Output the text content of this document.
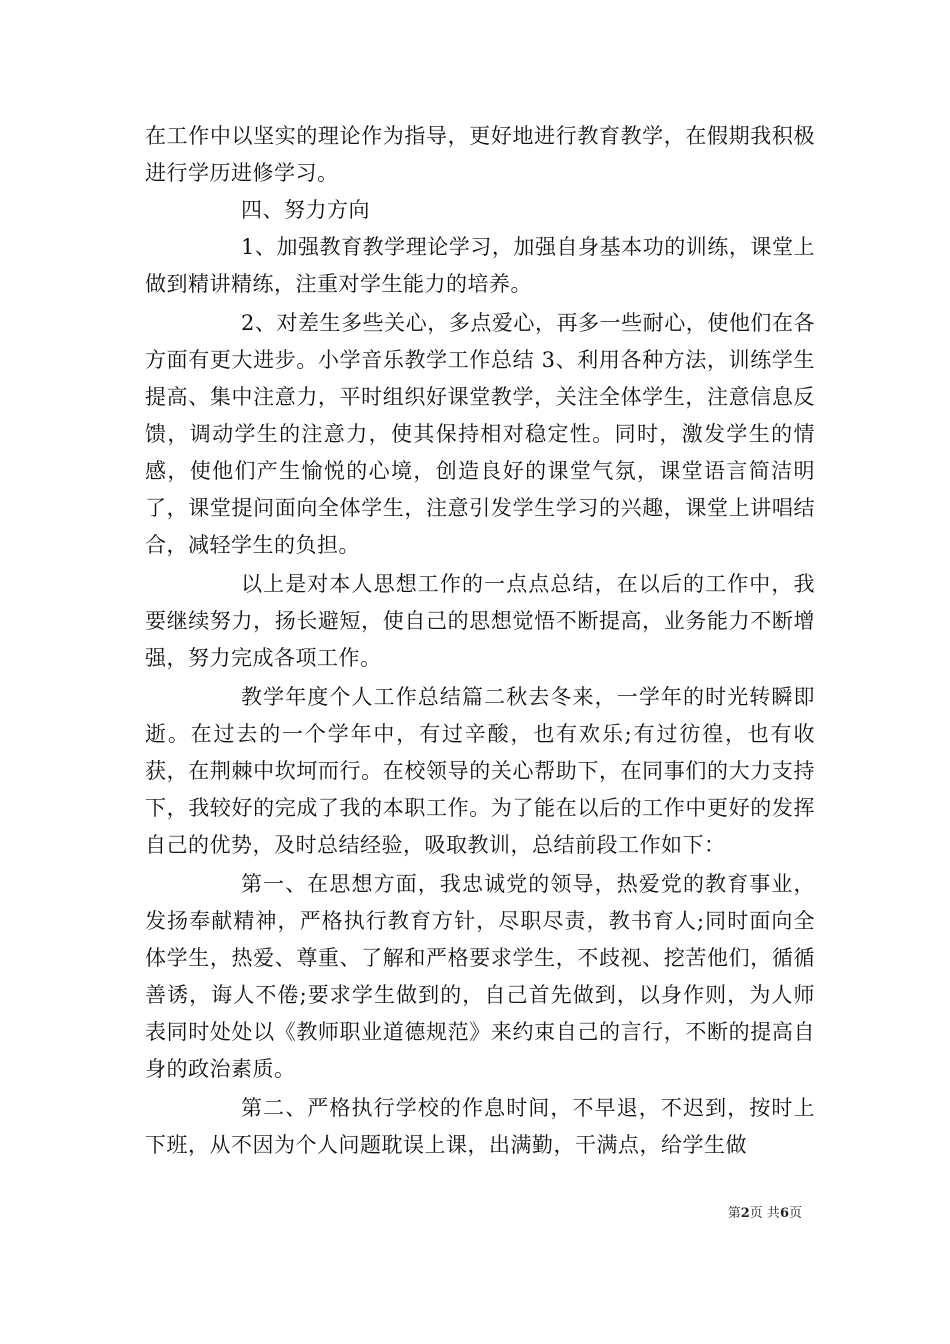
在工作中以坚实的理论作为指导，更好地进行教育教学，在假期我积极进行学历进修学习。

四、努力方向

1、加强教育教学理论学习，加强自身基本功的训练，课堂上做到精讲精练，注重对学生能力的培养。

2、对差生多些关心，多点爱心，再多一些耐心，使他们在各方面有更大进步。小学音乐教学工作总结 3、利用各种方法，训练学生提高、集中注意力，平时组织好课堂教学，关注全体学生，注意信息反馈，调动学生的注意力，使其保持相对稳定性。同时，激发学生的情感，使他们产生愉悦的心境，创造良好的课堂气氛，课堂语言简洁明了，课堂提问面向全体学生，注意引发学生学习的兴趣，课堂上讲唱结合，减轻学生的负担。

以上是对本人思想工作的一点点总结，在以后的工作中，我要继续努力，扬长避短，使自己的思想觉悟不断提高，业务能力不断增强，努力完成各项工作。

教学年度个人工作总结篇二秋去冬来，一学年的时光转瞬即逝。在过去的一个学年中，有过辛酸，也有欢乐;有过彷徨，也有收获，在荆棘中坎坷而行。在校领导的关心帮助下，在同事们的大力支持下，我较好的完成了我的本职工作。为了能在以后的工作中更好的发挥自己的优势，及时总结经验，吸取教训，总结前段工作如下：

第一、在思想方面，我忠诚党的领导，热爱党的教育事业，发扬奉献精神，严格执行教育方针，尽职尽责，教书育人;同时面向全体学生，热爱、尊重、了解和严格要求学生，不歧视、挖苦他们，循循善诱，诲人不倦;要求学生做到的，自己首先做到，以身作则，为人师表同时处处以《教师职业道德规范》来约束自己的言行，不断的提高自身的政治素质。

第二、严格执行学校的作息时间，不早退，不迟到，按时上下班，从不因为个人问题耽误上课，出满勤，干满点，给学生做

第2页 共6页
